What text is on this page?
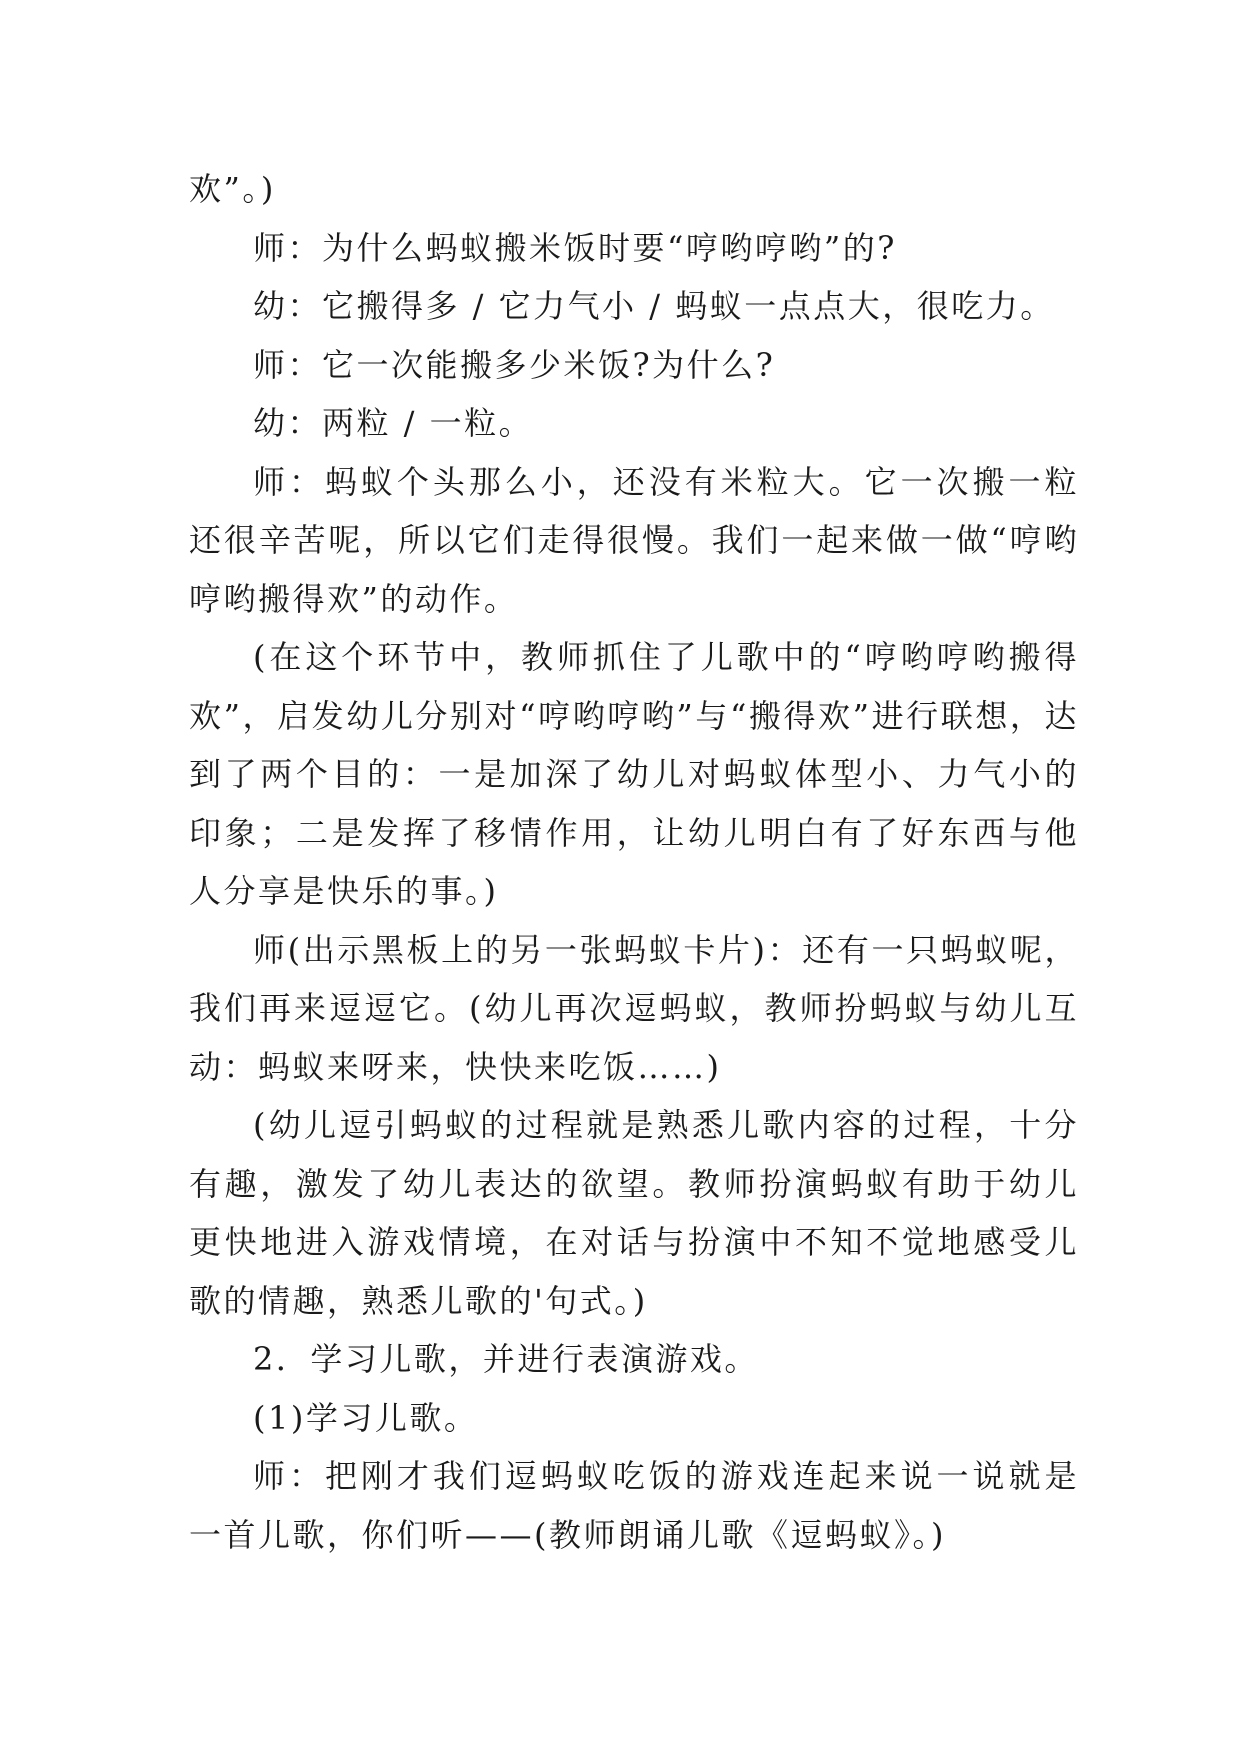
欢”。)

师：为什么蚂蚁搬米饭时要“哼哟哼哟”的?

幼：它搬得多 / 它力气小 / 蚂蚁一点点大，很吃力。

师：它一次能搬多少米饭?为什么?

幼：两粒 / 一粒。

师：蚂蚁个头那么小，还没有米粒大。它一次搬一粒还很辛苦呢，所以它们走得很慢。我们一起来做一做“哼哟哼哟搬得欢”的动作。

(在这个环节中，教师抓住了儿歌中的“哼哟哼哟搬得欢”，启发幼儿分别对“哼哟哼哟”与“搬得欢”进行联想，达到了两个目的：一是加深了幼儿对蚂蚁体型小、力气小的印象；二是发挥了移情作用，让幼儿明白有了好东西与他人分享是快乐的事。)

师(出示黑板上的另一张蚂蚁卡片)：还有一只蚂蚁呢，我们再来逗逗它。(幼儿再次逗蚂蚁，教师扮蚂蚁与幼儿互动：蚂蚁来呀来，快快来吃饭……)

(幼儿逗引蚂蚁的过程就是熟悉儿歌内容的过程，十分有趣，激发了幼儿表达的欲望。教师扮演蚂蚁有助于幼儿更快地进入游戏情境，在对话与扮演中不知不觉地感受儿歌的情趣，熟悉儿歌的'句式。)

2．学习儿歌，并进行表演游戏。

(1)学习儿歌。

师：把刚才我们逗蚂蚁吃饭的游戏连起来说一说就是一首儿歌，你们听——(教师朗诵儿歌《逗蚂蚁》。)
